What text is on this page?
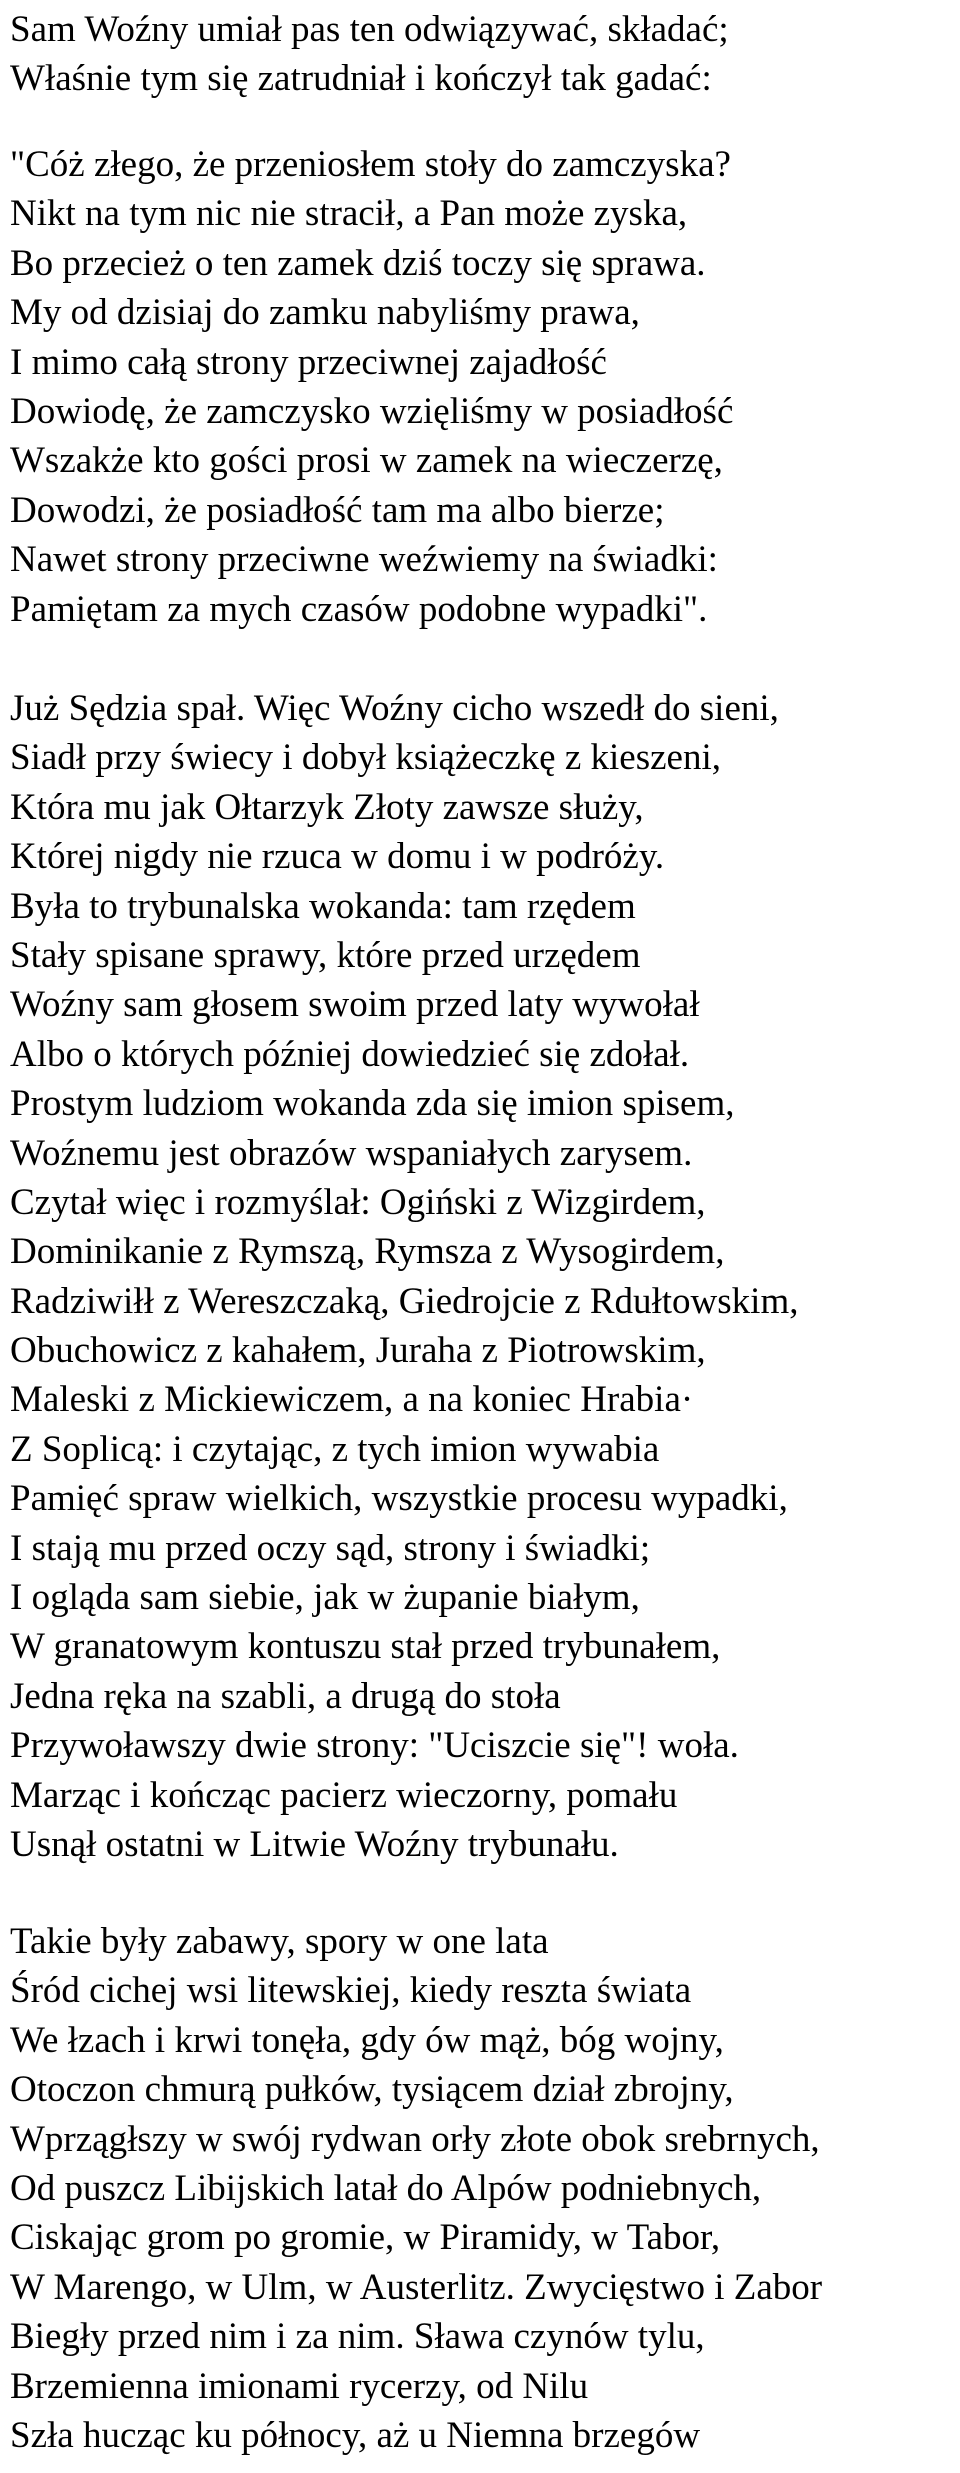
Sam Woźny umiał pas ten odwiązywać, składać;
Właśnie tym się zatrudniał i kończył tak gadać:
"Cóż złego, że przeniosłem stoły do zamczyska?
Nikt na tym nic nie stracił, a Pan może zyska,
Bo przecież o ten zamek dziś toczy się sprawa.
My od dzisiaj do zamku nabyliśmy prawa,
I mimo całą strony przeciwnej zajadłość
Dowiodę, że zamczysko wzięliśmy w posiadłość
Wszakże kto gości prosi w zamek na wieczerzę,
Dowodzi, że posiadłość tam ma albo bierze;
Nawet strony przeciwne weźwiemy na świadki:
Pamiętam za mych czasów podobne wypadki".
Już Sędzia spał. Więc Woźny cicho wszedł do sieni,
Siadł przy świecy i dobył książeczkę z kieszeni,
Która mu jak Ołtarzyk Złoty zawsze służy,
Której nigdy nie rzuca w domu i w podróży.
Była to trybunalska wokanda: tam rzędem
Stały spisane sprawy, które przed urzędem
Woźny sam głosem swoim przed laty wywołał
Albo o których później dowiedzieć się zdołał.
Prostym ludziom wokanda zda się imion spisem,
Woźnemu jest obrazów wspaniałych zarysem.
Czytał więc i rozmyślał: Ogiński z Wizgirdem,
Dominikanie z Rymszą, Rymsza z Wysogirdem,
Radziwiłł z Wereszczaką, Giedrojcie z Rdułtowskim,
Obuchowicz z kahałem, Juraha z Piotrowskim,
Maleski z Mickiewiczem, a na koniec Hrabia·
Z Soplicą: i czytając, z tych imion wywabia
Pamięć spraw wielkich, wszystkie procesu wypadki,
I stają mu przed oczy sąd, strony i świadki;
I ogląda sam siebie, jak w żupanie białym,
W granatowym kontuszu stał przed trybunałem,
Jedna ręka na szabli, a drugą do stoła
Przywoławszy dwie strony: "Uciszcie się"! woła.
Marząc i kończąc pacierz wieczorny, pomału
Usnął ostatni w Litwie Woźny trybunału.
Takie były zabawy, spory w one lata
Śród cichej wsi litewskiej, kiedy reszta świata
We łzach i krwi tonęła, gdy ów mąż, bóg wojny,
Otoczon chmurą pułków, tysiącem dział zbrojny,
Wprzągłszy w swój rydwan orły złote obok srebrnych,
Od puszcz Libijskich latał do Alpów podniebnych,
Ciskając grom po gromie, w Piramidy, w Tabor,
W Marengo, w Ulm, w Austerlitz. Zwycięstwo i Zabor
Biegły przed nim i za nim. Sława czynów tylu,
Brzemienna imionami rycerzy, od Nilu
Szła hucząc ku północy, aż u Niemna brzegów
